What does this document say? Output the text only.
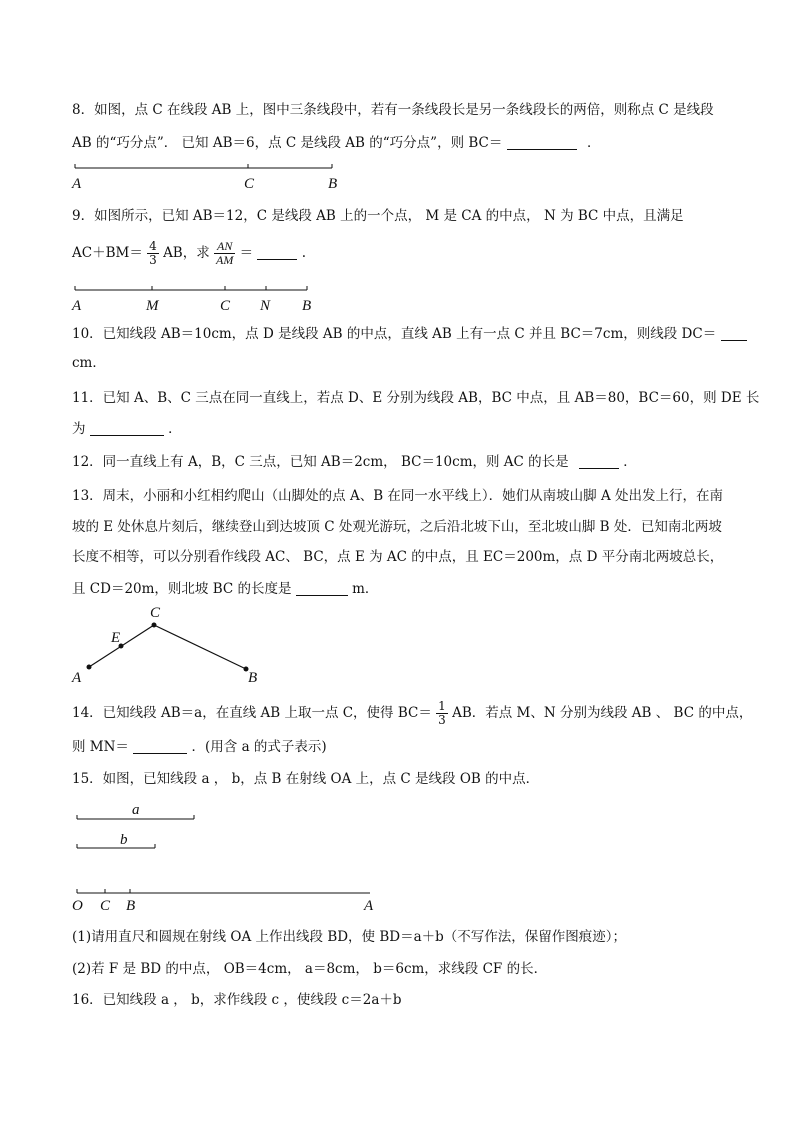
8．如图，点 C 在线段 AB 上，图中三条线段中，若有一条线段长是另一条线段长的两倍，则称点 C 是线段
AB 的“巧分点”． 已知 AB＝6，点 C 是线段 AB 的“巧分点”，则 BC＝	．
A	C	B
9．如图所示，已知 AB＝12，C 是线段 AB 上的一个点， M 是 CA 的中点， N 为 BC 中点，且满足
$AC+BM= \frac{4}{3}$ AB，求 $\frac{AN}{AM}$ ＝	.
A	M	C N B
10．已知线段 AB＝10cm，点 D 是线段 AB 的中点，直线 AB 上有一点 C 并且 BC＝7cm，则线段 DC＝
cm．
11．已知 A、B、C 三点在同一直线上，若点 D、E 分别为线段 AB，BC 中点，且 AB＝80，BC＝60，则 DE 长
为	．
12．同一直线上有 A，B，C 三点，已知 AB＝2cm， BC＝10cm，则 AC 的长是	．
13．周末，小丽和小红相约爬山（山脚处的点 A、B 在同一水平线上）．她们从南坡山脚 A 处出发上行，在南
坡的 E 处休息片刻后，继续登山到达坡顶 C 处观光游玩，之后沿北坡下山，至北坡山脚 B 处．已知南北两坡
长度不相等，可以分别看作线段 AC、 BC，点 E 为 AC 的中点，且 EC＝200m，点 D 平分南北两坡总长，
且 CD＝20m，则北坡 BC 的长度是	m．
A
E
C
B
14．已知线段 AB＝a，在直线 AB 上取一点 C，使得 $BC= \frac{1}{3}$ AB．若点 M、N 分别为线段 AB 、 BC 的中点，
则 MN＝	．(用含 a 的式子表示)
15．如图，已知线段 a ， b，点 B 在射线 OA 上，点 C 是线段 OB 的中点．
a
b
O C B	A
(1)请用直尺和圆规在射线 OA 上作出线段 BD，使 BD＝a＋b（不写作法，保留作图痕迹）；
(2)若 F 是 BD 的中点， OB＝4cm， a＝8cm， b＝6cm，求线段 CF 的长．
16．已知线段 a ， b，求作线段 c ，使线段 c＝2a＋b
